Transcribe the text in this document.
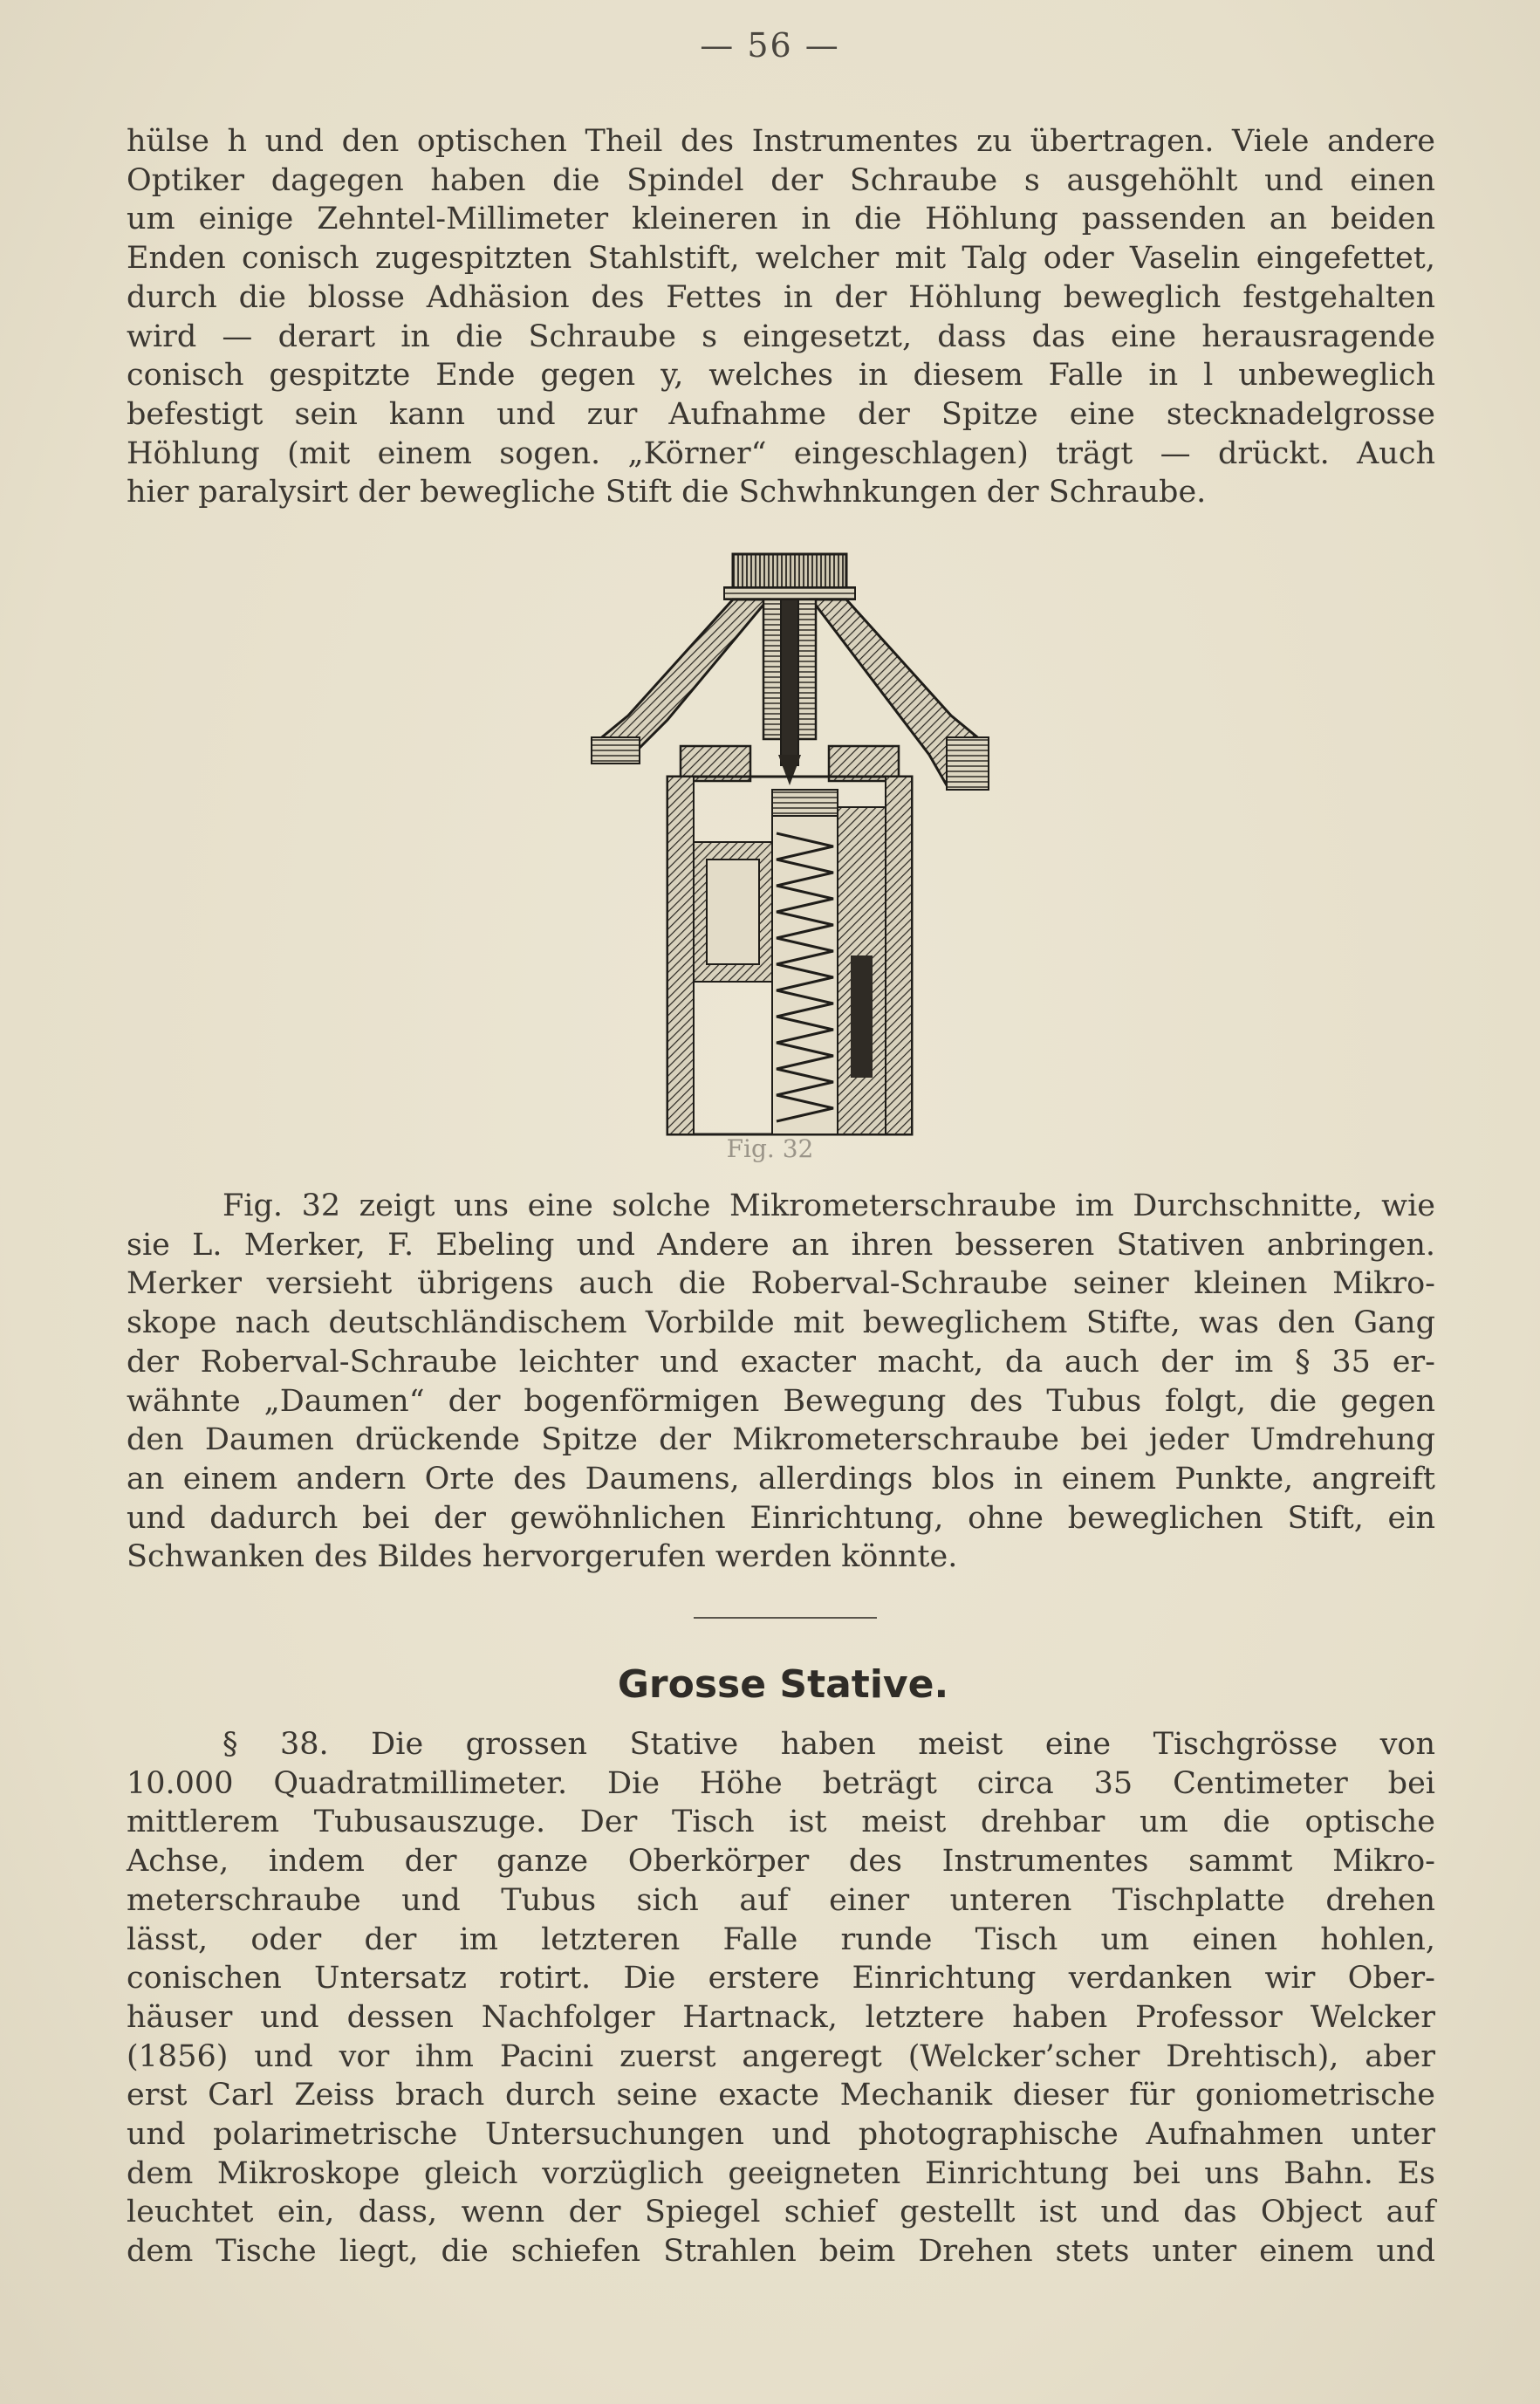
— 56 —
hülse h und den optischen Theil des Instrumentes zu übertragen. Viele andere
Optiker dagegen haben die Spindel der Schraube s ausgehöhlt und einen
um einige Zehntel-Millimeter kleineren in die Höhlung passenden an beiden
Enden conisch zugespitzten Stahlstift, welcher mit Talg oder Vaselin eingefettet,
durch die blosse Adhäsion des Fettes in der Höhlung beweglich festgehalten
wird — derart in die Schraube s eingesetzt, dass das eine herausragende
conisch gespitzte Ende gegen y, welches in diesem Falle in l unbeweglich
befestigt sein kann und zur Aufnahme der Spitze eine stecknadelgrosse
Höhlung (mit einem sogen. „Körner“ eingeschlagen) trägt — drückt. Auch
hier paralysirt der bewegliche Stift die Schwhnkungen der Schraube.
Fig. 32
Fig. 32 zeigt uns eine solche Mikrometerschraube im Durchschnitte, wie
sie L. Merker, F. Ebeling und Andere an ihren besseren Stativen anbringen.
Merker versieht übrigens auch die Roberval-Schraube seiner kleinen Mikro-
skope nach deutschländischem Vorbilde mit beweglichem Stifte, was den Gang
der Roberval-Schraube leichter und exacter macht, da auch der im § 35 er-
wähnte „Daumen“ der bogenförmigen Bewegung des Tubus folgt, die gegen
den Daumen drückende Spitze der Mikrometerschraube bei jeder Umdrehung
an einem andern Orte des Daumens, allerdings blos in einem Punkte, angreift
und dadurch bei der gewöhnlichen Einrichtung, ohne beweglichen Stift, ein
Schwanken des Bildes hervorgerufen werden könnte.
Grosse Stative.
§ 38. Die grossen Stative haben meist eine Tischgrösse von
10.000 Quadratmillimeter. Die Höhe beträgt circa 35 Centimeter bei
mittlerem Tubusauszuge. Der Tisch ist meist drehbar um die optische
Achse, indem der ganze Oberkörper des Instrumentes sammt Mikro-
meterschraube und Tubus sich auf einer unteren Tischplatte drehen
lässt, oder der im letzteren Falle runde Tisch um einen hohlen,
conischen Untersatz rotirt. Die erstere Einrichtung verdanken wir Ober-
häuser und dessen Nachfolger Hartnack, letztere haben Professor Welcker
(1856) und vor ihm Pacini zuerst angeregt (Welcker’scher Drehtisch), aber
erst Carl Zeiss brach durch seine exacte Mechanik dieser für goniometrische
und polarimetrische Untersuchungen und photographische Aufnahmen unter
dem Mikroskope gleich vorzüglich geeigneten Einrichtung bei uns Bahn. Es
leuchtet ein, dass, wenn der Spiegel schief gestellt ist und das Object auf
dem Tische liegt, die schiefen Strahlen beim Drehen stets unter einem und
